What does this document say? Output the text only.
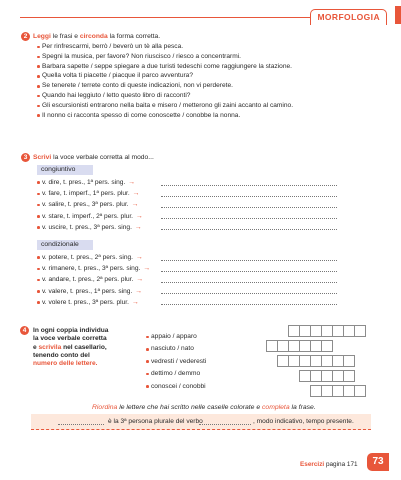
MORFOLOGIA
2 Leggi le frasi e circonda la forma corretta.
Per rinfrescarmi, berrò / beverò un tè alla pesca.
Spegni la musica, per favore? Non riuscisco / riesco a concentrarmi.
Barbara sapette / seppe spiegare a due turisti tedeschi come raggiungere la stazione.
Quella volta ti piacette / piacque il parco avventura?
Se tenerete / terrete conto di queste indicazioni, non vi perderete.
Quando hai leggiuto / letto questo libro di racconti?
Gli escursionisti entrarono nella baita e misero / metterono gli zaini accanto al camino.
Il nonno ci racconta spesso di come conoscette / conobbe la nonna.
3 Scrivi la voce verbale corretta al modo...
congiuntivo
v. dire, t. pres., 1ª pers. sing. →
v. fare, t. imperf., 1ª pers. plur. →
v. salire, t. pres., 3ª pers. plur. →
v. stare, t. imperf., 2ª pers. plur. →
v. uscire, t. pres., 3ª pers. sing. →
condizionale
v. potere, t. pres., 2ª pers. sing. →
v. rimanere, t. pres., 3ª pers. sing. →
v. andare, t. pres., 2ª pers. plur. →
v. valere, t. pres., 1ª pers. sing. →
v. volere t. pres., 3ª pers. plur. →
4	In ogni coppia individua
la voce verbale corretta
e scrivila nel casellario,
tenendo conto del
numero delle lettere.
appaio / apparo
nasciuto / nato
vedresti / vederesti
dettimo / demmo
conoscei / conobbi
Riordina le lettere che hai scritto nelle caselle colorate e completa la frase.
è la 3ª persona plurale del verbo	, modo indicativo, tempo presente.
Esercizi pagina 171	73
